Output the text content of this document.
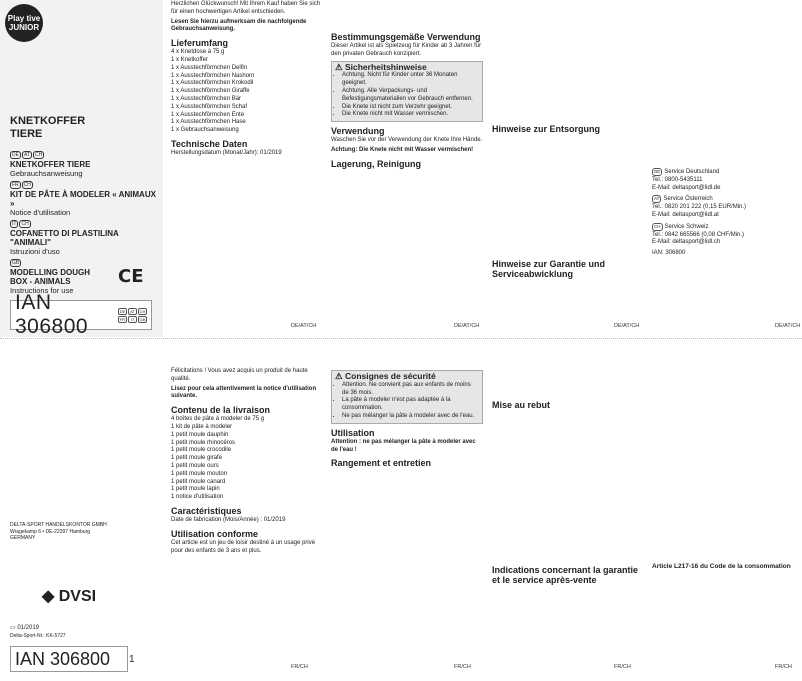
Play tive JUNIOR
KNETKOFFER
TIERE
DE	AT	CH
KNETKOFFER TIERE
Gebrauchsanweisung
FR	CH
KIT DE PÂTE À MODELER « ANIMAUX »
Notice d'utilisation
IT	CH
COFANETTO DI PLASTILINA
"ANIMALI"
Istruzioni d'uso
GB
MODELLING DOUGH
BOX - ANIMALS
Instructions for use
CE
IAN 306800
DE	AT	CH
FR	IT	GB

Herzlichen Glückwunsch! Mit Ihrem Kauf haben Sie sich für einen hochwertigen Artikel entschieden.

Lesen Sie hierzu aufmerksam die nachfolgende Gebrauchsanweisung.

Lieferumfang
4 x Knetdose à 75 g
1 x Knetkoffer
1 x Ausstechförmchen Delfin
1 x Ausstechförmchen Nashorn
1 x Ausstechförmchen Krokodil
1 x Ausstechförmchen Giraffe
1 x Ausstechförmchen Bär
1 x Ausstechförmchen Schaf
1 x Ausstechförmchen Ente
1 x Ausstechförmchen Hase
1 x Gebrauchsanweisung
Technische Daten

Herstellungsdatum (Monat/Jahr): 01/2019

Bestimmungsgemäße Verwendung

Dieser Artikel ist als Spielzeug für Kinder ab 3 Jahren für den privaten Gebrauch konzipiert.

⚠ Sicherheitshinweise
• Achtung. Nicht für Kinder unter 36 Monaten geeignet.
• Achtung. Alle Verpackungs- und Befestigungsmaterialien vor Gebrauch entfernen.
• Die Knete ist nicht zum Verzehr geeignet.
• Die Knete nicht mit Wasser vermischen.
Verwendung

Waschen Sie vor der Verwendung der Knete Ihre Hände.

Achtung: Die Knete nicht mit Wasser vermischen!

Lagerung, Reinigung
Hinweise zur Entsorgung
Hinweise zur Garantie und Serviceabwicklung
DE Service Deutschland
Tel.: 0800-5435111
E-Mail: deltasport@lidl.de
AT Service Österreich
Tel.: 0820 201 222 (0,15 EUR/Min.)
E-Mail: deltasport@lidl.at
CH Service Schweiz
Tel.: 0842 665566 (0,08 CHF/Min.)
E-Mail: deltasport@lidl.ch
IAN: 306800
DE/AT/CH	DE/AT/CH	DE/AT/CH	DE/AT/CH
DELTA-SPORT HANDELSKONTOR GMBH
Wragekamp 6 • DE-22397 Hamburg
GERMANY
◆ DVSI
▭ 01/2019
Delta-Sport-Nr.: KK-5727
IAN 306800	1

Félicitations ! Vous avez acquis un produit de haute qualité.

Lisez pour cela attentivement la notice d'utilisation suivante.

Contenu de la livraison
4 boîtes de pâte à modeler de 75 g
1 kit de pâte à modeler
1 petit moule dauphin
1 petit moule rhinocéros
1 petit moule crocodile
1 petit moule girafe
1 petit moule ours
1 petit moule mouton
1 petit moule canard
1 petit moule lapin
1 notice d'utilisation
Caractéristiques

Date de fabrication (Mois/Année) : 01/2019

Utilisation conforme

Cet article est un jeu de loisir destiné à un usage privé pour des enfants de 3 ans et plus.

⚠ Consignes de sécurité
• Attention. Ne convient pas aux enfants de moins de 36 mois.
• La pâte à modeler n'est pas adaptée à la consommation.
• Ne pas mélanger la pâte à modeler avec de l'eau.
Utilisation

Attention : ne pas mélanger la pâte à modeler avec de l'eau !

Rangement et entretien
Mise au rebut
Indications concernant la garantie et le service après-vente
Article L217-16 du Code de la consommation
FR/CH	FR/CH	FR/CH	FR/CH
